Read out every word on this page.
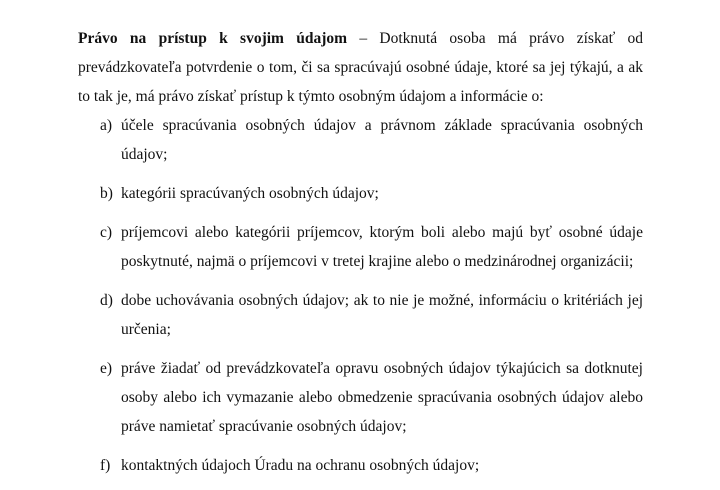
Právo na prístup k svojim údajom – Dotknutá osoba má právo získať od prevádzkovateľa potvrdenie o tom, či sa spracúvajú osobné údaje, ktoré sa jej týkajú, a ak to tak je, má právo získať prístup k týmto osobným údajom a informácie o:

a) účele spracúvania osobných údajov a právnom základe spracúvania osobných údajov;
b) kategórii spracúvaných osobných údajov;
c) príjemcovi alebo kategórii príjemcov, ktorým boli alebo majú byť osobné údaje poskytnuté, najmä o príjemcovi v tretej krajine alebo o medzinárodnej organizácii;
d) dobe uchovávania osobných údajov; ak to nie je možné, informáciu o kritériách jej určenia;
e) práve žiadať od prevádzkovateľa opravu osobných údajov týkajúcich sa dotknutej osoby alebo ich vymazanie alebo obmedzenie spracúvania osobných údajov alebo práve namietať spracúvanie osobných údajov;
f) kontaktných údajoch Úradu na ochranu osobných údajov;
